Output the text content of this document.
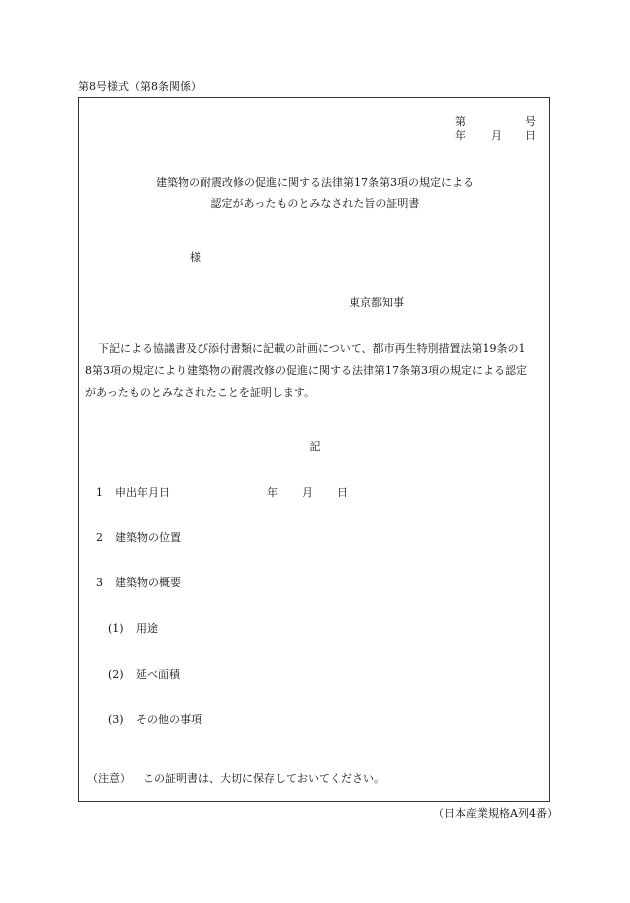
第8号様式（第8条関係）
第	号
年 月 日
建築物の耐震改修の促進に関する法律第17条第3項の規定による
認定があったものとみなされた旨の証明書
様
東京都知事
下記による協議書及び添付書類に記載の計画について、都市再生特別措置法第19条の1
8第3項の規定により建築物の耐震改修の促進に関する法律第17条第3項の規定による認定
があったものとみなされたことを証明します。
記
1 申出年月日	年 月 日
2 建築物の位置
3 建築物の概要
(1) 用途
(2) 延べ面積
(3) その他の事項
（注意） この証明書は、大切に保存しておいてください。
（日本産業規格A列4番）
